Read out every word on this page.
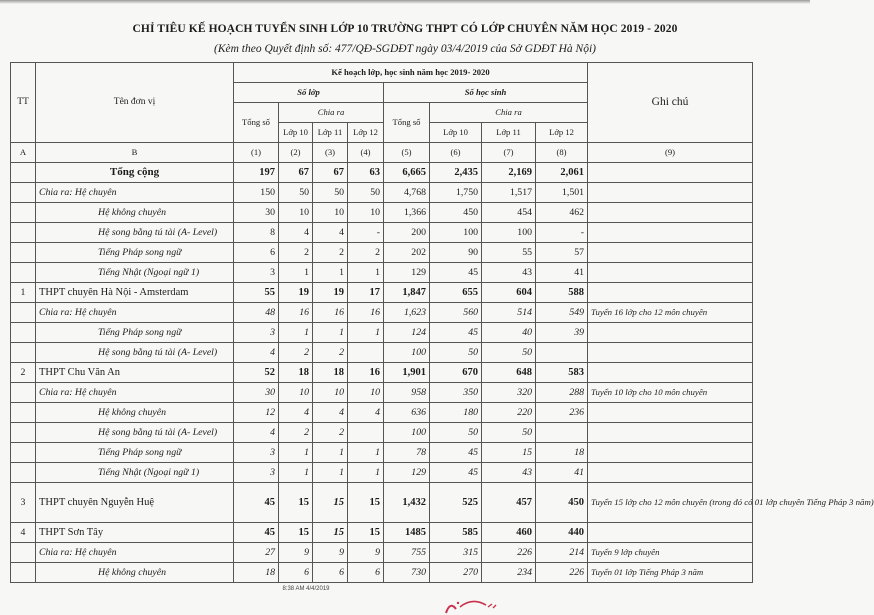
CHỈ TIÊU KẾ HOẠCH TUYỂN SINH LỚP 10 TRƯỜNG THPT CÓ LỚP CHUYÊN NĂM HỌC 2019 - 2020
(Kèm theo Quyết định số: 477/QĐ-SGDĐT ngày 03/4/2019 của Sở GDĐT Hà Nội)
TT	Tên đơn vị	Kế hoạch lớp, học sinh năm học 2019- 2020								Ghi chú
		Số lớp				Số học sinh				
		Tổng số	Chia ra			Tổng số	Chia ra			
			Lớp 10	Lớp 11	Lớp 12		Lớp 10	Lớp 11	Lớp 12	
A	B	(1)	(2)	(3)	(4)	(5)	(6)	(7)	(8)	(9)
	Tổng cộng	197	67	67	63	6,665	2,435	2,169	2,061	
	Chia ra: Hệ chuyên	150	50	50	50	4,768	1,750	1,517	1,501	
	Hệ không chuyên	30	10	10	10	1,366	450	454	462	
	Hệ song bằng tú tài (A- Level)	8	4	4	-	200	100	100	-	
	Tiếng Pháp song ngữ	6	2	2	2	202	90	55	57	
	Tiếng Nhật (Ngoại ngữ 1)	3	1	1	1	129	45	43	41	
1	THPT chuyên Hà Nội - Amsterdam	55	19	19	17	1,847	655	604	588	
	Chia ra: Hệ chuyên	48	16	16	16	1,623	560	514	549	Tuyển 16 lớp cho 12 môn chuyên
	Tiếng Pháp song ngữ	3	1	1	1	124	45	40	39	
	Hệ song bằng tú tài (A- Level)	4	2	2		100	50	50		
2	THPT Chu Văn An	52	18	18	16	1,901	670	648	583	
	Chia ra: Hệ chuyên	30	10	10	10	958	350	320	288	Tuyển 10 lớp cho 10 môn chuyên
	Hệ không chuyên	12	4	4	4	636	180	220	236	
	Hệ song bằng tú tài (A- Level)	4	2	2		100	50	50		
	Tiếng Pháp song ngữ	3	1	1	1	78	45	15	18	
	Tiếng Nhật (Ngoại ngữ 1)	3	1	1	1	129	45	43	41	
3	THPT chuyên Nguyễn Huệ	45	15	15	15	1,432	525	457	450	Tuyển 15 lớp cho 12 môn chuyên (trong đó có 01 lớp chuyên Tiếng Pháp 3 năm)
4	THPT Sơn Tây	45	15	15	15	1485	585	460	440	
	Chia ra: Hệ chuyên	27	9	9	9	755	315	226	214	Tuyển 9 lớp chuyên
	Hệ không chuyên	18	6	6	6	730	270	234	226	Tuyển 01 lớp Tiếng Pháp 3 năm
8:38 AM 4/4/2019
